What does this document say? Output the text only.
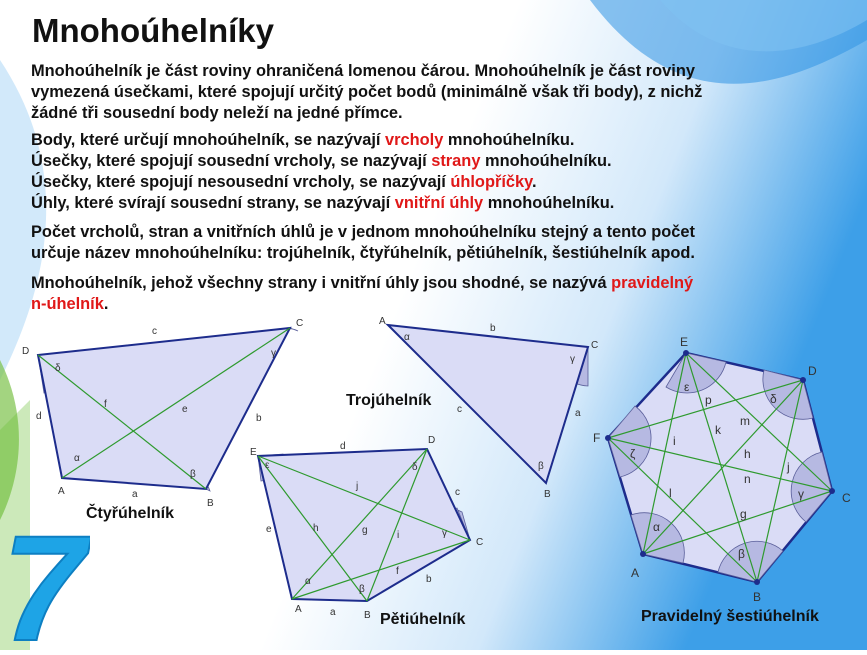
7
Mnohoúhelníky
Mnohoúhelník je část roviny ohraničená lomenou čárou. Mnohoúhelník je část roviny
vymezená úsečkami, které spojují určitý počet bodů (minimálně však tři body), z nichž
žádné tři sousední body neleží na jedné přímce.
Body, které určují mnohoúhelník, se nazývají vrcholy mnohoúhelníku.
Úsečky, které spojují sousední vrcholy, se nazývají strany mnohoúhelníku.
Úsečky, které spojují nesousední vrcholy, se nazývají úhlopříčky.
Úhly, které svírají sousední strany, se nazývají vnitřní úhly mnohoúhelníku.
Počet vrcholů, stran a vnitřních úhlů je v jednom mnohoúhelníku stejný a tento počet
určuje název mnohoúhelníku: trojúhelník, čtyřúhelník, pětiúhelník, šestiúhelník apod.
Mnohoúhelník, jehož všechny strany i vnitřní úhly jsou shodné, se nazývá pravidelný
n-úhelník.
A
B
C
D
a
b
c
d
e
f
α
β
γ
δ
Čtyřúhelník
A
B
C
a
b
c
α
β
γ
Trojúhelník
A
B
C
D
E
a
b
c
d
e
f
g
h
i
j
α
β
γ
δ
ε
Pětiúhelník
A
B
C
D
E
F
α
β
γ
δ
ε
ζ
g
h
i
j
k
l
m
n
p
Pravidelný šestiúhelník
